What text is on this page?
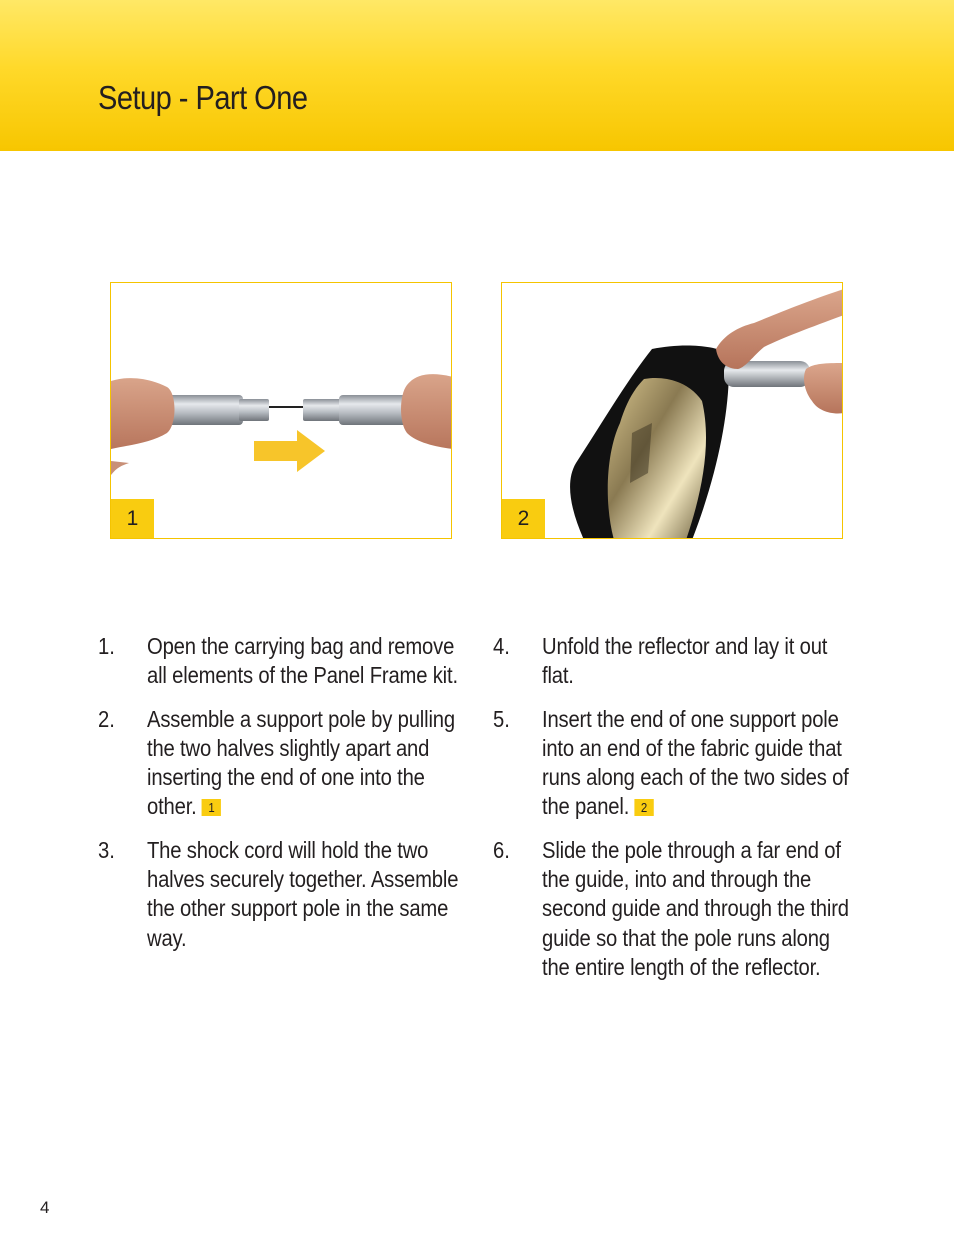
Setup - Part One
1	2
1. Open the carrying bag and remove all elements of the Panel Frame kit.
2. Assemble a support pole by pulling the two halves slightly apart and inserting the end of one into the other. 1
3. The shock cord will hold the two halves securely together. Assemble the other support pole in the same way.
4. Unfold the reflector and lay it out flat.
5. Insert the end of one support pole into an end of the fabric guide that runs along each of the two sides of the panel. 2
6. Slide the pole through a far end of the guide, into and through the second guide and through the third guide so that the pole runs along the entire length of the reflector.
4
